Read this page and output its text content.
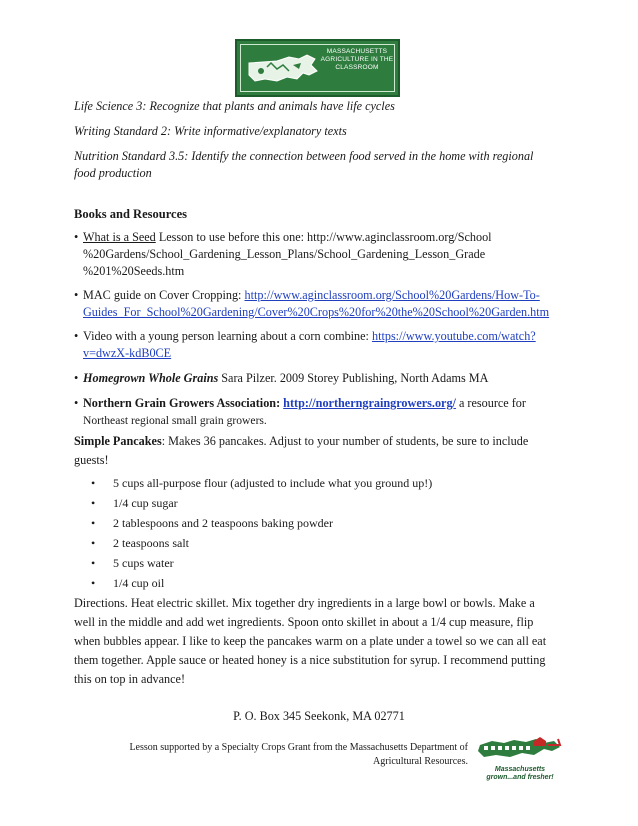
MASSACHUSETTS AGRICULTURE IN THE CLASSROOM
Life Science 3: Recognize that plants and animals have life cycles
Writing Standard 2: Write informative/explanatory texts
Nutrition Standard 3.5: Identify the connection between food served in the home with regional
food production
Books and Resources
• What is a Seed Lesson to use before this one: http://www.aginclassroom.org/School
%20Gardens/School_Gardening_Lesson_Plans/School_Gardening_Lesson_Grade
%201%20Seeds.htm
• MAC guide on Cover Cropping: http://www.aginclassroom.org/School%20Gardens/How-To-
Guides_For_School%20Gardening/Cover%20Crops%20for%20the%20School%20Garden.htm
• Video with a young person learning about a corn combine: https://www.youtube.com/watch?
v=dwzX-kdB0CE
• Homegrown Whole Grains Sara Pilzer. 2009 Storey Publishing, North Adams MA
• Northern Grain Growers Association: http://northerngraingrowers.org/ a resource for
Northeast regional small grain growers.
Simple Pancakes: Makes 36 pancakes. Adjust to your number of students, be sure to include
guests!
• 5 cups all-purpose flour (adjusted to include what you ground up!)
• 1/4 cup sugar
• 2 tablespoons and 2 teaspoons baking powder
• 2 teaspoons salt
• 5 cups water
• 1/4 cup oil
Directions. Heat electric skillet. Mix together dry ingredients in a large bowl or bowls. Make a
well in the middle and add wet ingredients. Spoon onto skillet in about a 1/4 cup measure, flip
when bubbles appear. I like to keep the pancakes warm on a plate under a towel so we can all eat
them together. Apple sauce or heated honey is a nice substitution for syrup. I recommend putting
this on top in advance!
P. O. Box 345 Seekonk, MA 02771
Lesson supported by a Specialty Crops Grant from the Massachusetts Department of
Agricultural Resources.
Massachusetts
grown...and fresher!
